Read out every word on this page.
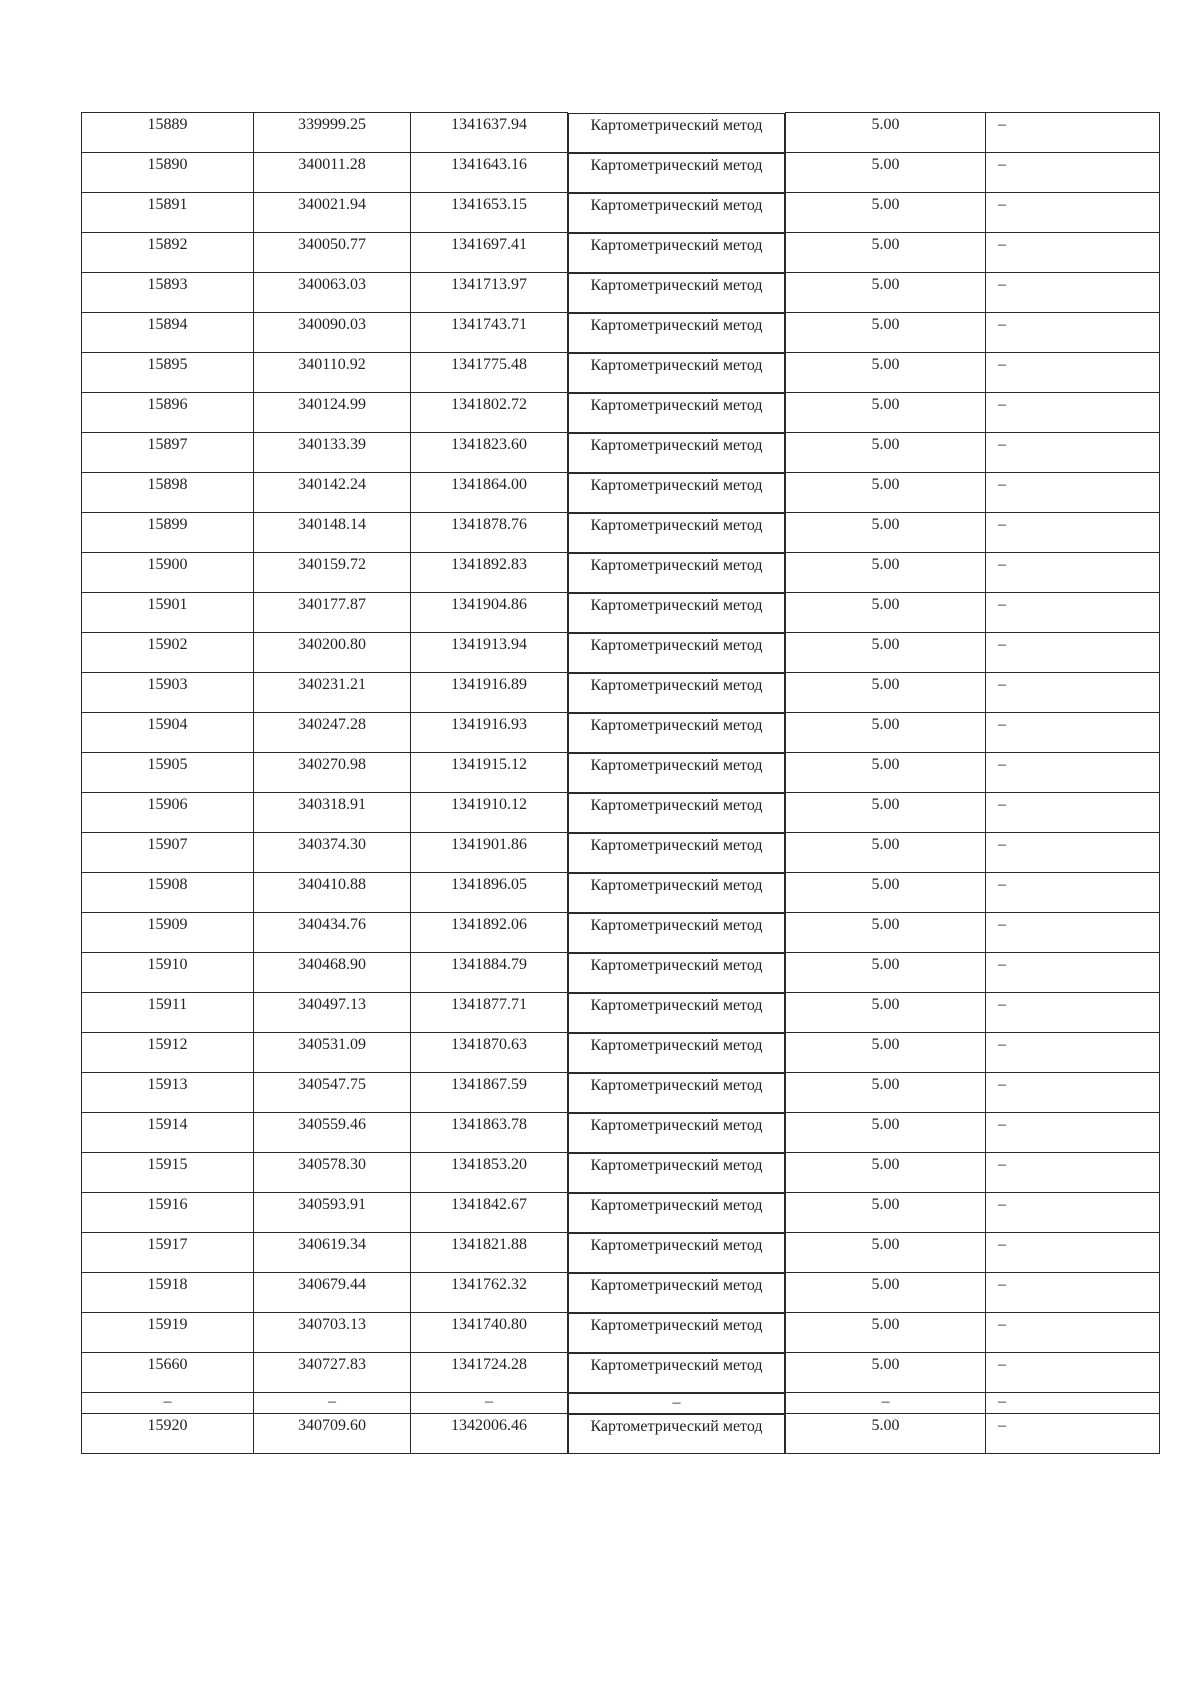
15889	339999.25	1341637.94		Картометрический метод	5.00	–
15890	340011.28	1341643.16		Картометрический метод	5.00	–
15891	340021.94	1341653.15		Картометрический метод	5.00	–
15892	340050.77	1341697.41		Картометрический метод	5.00	–
15893	340063.03	1341713.97		Картометрический метод	5.00	–
15894	340090.03	1341743.71		Картометрический метод	5.00	–
15895	340110.92	1341775.48		Картометрический метод	5.00	–
15896	340124.99	1341802.72		Картометрический метод	5.00	–
15897	340133.39	1341823.60		Картометрический метод	5.00	–
15898	340142.24	1341864.00		Картометрический метод	5.00	–
15899	340148.14	1341878.76		Картометрический метод	5.00	–
15900	340159.72	1341892.83		Картометрический метод	5.00	–
15901	340177.87	1341904.86		Картометрический метод	5.00	–
15902	340200.80	1341913.94		Картометрический метод	5.00	–
15903	340231.21	1341916.89		Картометрический метод	5.00	–
15904	340247.28	1341916.93		Картометрический метод	5.00	–
15905	340270.98	1341915.12		Картометрический метод	5.00	–
15906	340318.91	1341910.12		Картометрический метод	5.00	–
15907	340374.30	1341901.86		Картометрический метод	5.00	–
15908	340410.88	1341896.05		Картометрический метод	5.00	–
15909	340434.76	1341892.06		Картометрический метод	5.00	–
15910	340468.90	1341884.79		Картометрический метод	5.00	–
15911	340497.13	1341877.71		Картометрический метод	5.00	–
15912	340531.09	1341870.63		Картометрический метод	5.00	–
15913	340547.75	1341867.59		Картометрический метод	5.00	–
15914	340559.46	1341863.78		Картометрический метод	5.00	–
15915	340578.30	1341853.20		Картометрический метод	5.00	–
15916	340593.91	1341842.67		Картометрический метод	5.00	–
15917	340619.34	1341821.88		Картометрический метод	5.00	–
15918	340679.44	1341762.32		Картометрический метод	5.00	–
15919	340703.13	1341740.80		Картометрический метод	5.00	–
15660	340727.83	1341724.28		Картометрический метод	5.00	–
–	–	–		–	–	–
15920	340709.60	1342006.46		Картометрический метод	5.00	–
